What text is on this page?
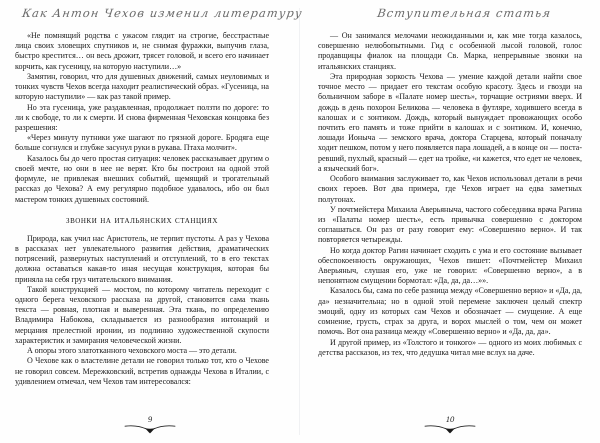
Как Антон Чехов изменил литературу

«Не помнящий родства с ужасом глядит на строгие, бесстрастные лица своих зловещих спутников и, не снимая фуражки, выпучив глаза, быстро крестится… он весь дрожит, трясет головой, и всего его начинает корчить, как гусеницу, на которую наступили…»

Замятин, говорил, что для душевных движений, самых неуловимых и тонких чувств Чехов всегда находит реалистический образ. «Гусеница, на которую наступили» — как раз такой пример.

Но эта гусеница, уже раздавленная, продолжает ползти по дороге: то ли к свободе, то ли к смерти. И снова фирменная Чеховская концовка без разрешения:

«Через минуту путники уже шагают по грязной дороге. Бродяга еще больше согнулся и глубже засунул руки в рукава. Птаха молчит».

Казалось бы до чего простая ситуация: человек рассказывает другим о своей мечте, но они в нее не верят. Кто бы построил на одной этой формуле, не привлекая внешних событий, щемящий и трогательный рассказ до Чехова? А ему регулярно подобное удавалось, ибо он был мастером тонких душевных состояний.

звонки на итальянских станциях

Природа, как учил нас Аристотель, не терпит пустоты. А раз у Чехова в рассказах нет увлекательного развития действия, драматических потрясений, развернутых наступлений и отступлений, то в его текстах должна оставаться какая-то иная несущая конструкция, которая бы приняла на себя груз читательского внимания.

Такой конструкцией — мостом, по которому читатель переходит с одного берега чеховского рассказа на другой, становится сама ткань текста — ровная, плотная и выверенная. Эта ткань, по определению Владимира Набокова, складывается из разнообразия интонаций и мерцания прелестной иронии, из подлинно художественной скупости характеристик и замирания человеческой жизни.

А опоры этого златотканного чеховского моста — это детали.

О Чехове как о властелине детали не говорил только тот, кто о Чехове не говорил совсем. Мережковский, встретив однажды Чехова в Италии, с удивлением отмечал, чем Чехов там интересовался:

9
Вступительная статья

— Он занимался мелочами неожиданными и, как мне тогда казалось, совершенно нелюбопытными. Гид с особенной лысой головой, голос продавщицы фиалок на площади Св. Марка, непрерывные звонки на итальянских станциях.

Эта природная зоркость Чехова — умение каждой детали найти свое точное место — придает его текстам особую красоту. Здесь и гвозди на больничном заборе в «Палате номер шесть», торчащие остриями вверх. И дождь в день похорон Беликова — человека в футляре, ходившего всегда в калошах и с зонтиком. Дождь, который вынуждает провожающих особо почтить его память и тоже прийти в калошах и с зонтиком. И, конечно, лошади Ионыча — земского врача, доктора Старцева, который поначалу ходит пешком, потом у него появляется пара лошадей, а в конце он — постаревший, пухлый, красный — едет на тройке, «и кажется, что едет не человек, а языческий бог».

Особого внимания заслуживает то, как Чехов использовал детали в речи своих героев. Вот два примера, где Чехов играет на едва заметных полутонах.

У почтмейстера Михаила Аверьяныча, частого собеседника врача Рагина из «Палаты номер шесть», есть привычка совершенно с доктором соглашаться. Он раз от разу говорит ему: «Совершенно верно». И так повторяется четырежды.

Но когда доктор Рагин начинает сходить с ума и его состояние вызывает обеспокоенность окружающих, Чехов пишет: «Почтмейстер Михаил Аверьяныч, слушая его, уже не говорил: «Совершенно верно», а в непонятном смущении бормотал: «Да, да, да…»».

Казалось бы, сама по себе разница между «Совершенно верно» и «Да, да, да» незначительна; но в одной этой перемене заключен целый спектр эмоций, одну из которых сам Чехов и обозначает — смущение. А еще сомнение, грусть, страх за друга, и ворох мыслей о том, чем он может помочь. Вот она разница между «Совершенно верно» и «Да, да, да».

И другой пример, из «Толстого и тонкого» — одного из моих любимых с детства рассказов, из тех, что дедушка читал мне вслух на даче.

10
